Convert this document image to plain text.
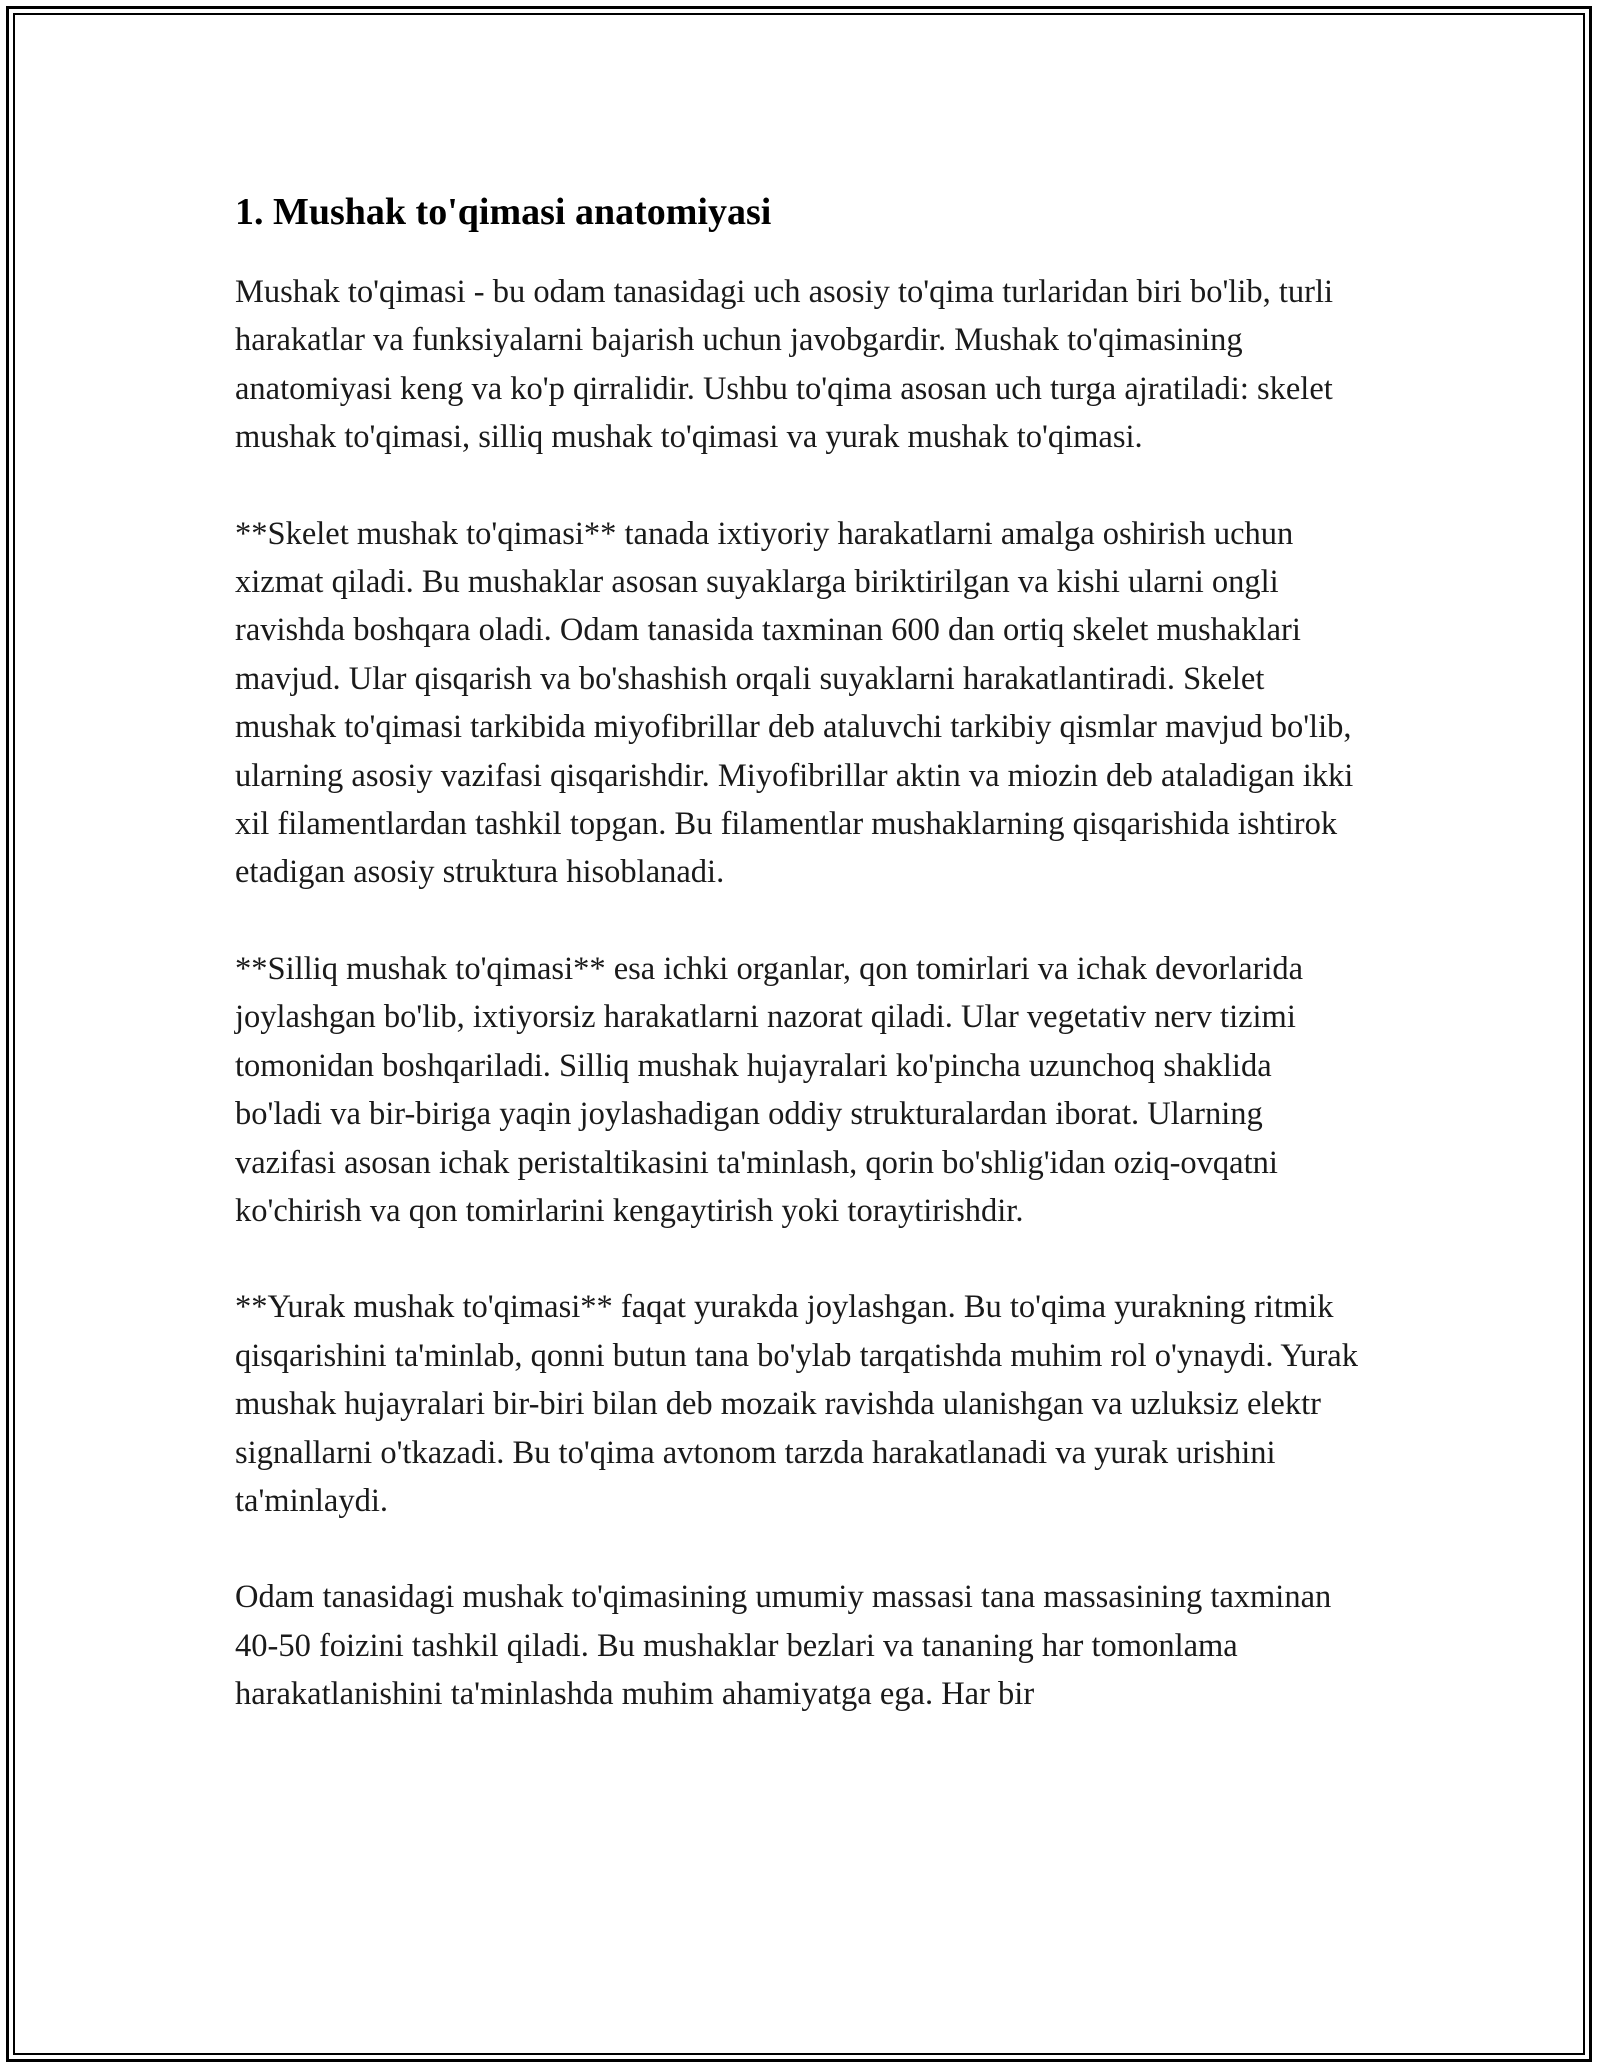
1. Mushak to'qimasi anatomiyasi

Mushak to'qimasi - bu odam tanasidagi uch asosiy to'qima turlaridan biri bo'lib, turli harakatlar va funksiyalarni bajarish uchun javobgardir. Mushak to'qimasining anatomiyasi keng va ko'p qirralidir. Ushbu to'qima asosan uch turga ajratiladi: skelet mushak to'qimasi, silliq mushak to'qimasi va yurak mushak to'qimasi.

**Skelet mushak to'qimasi** tanada ixtiyoriy harakatlarni amalga oshirish uchun xizmat qiladi. Bu mushaklar asosan suyaklarga biriktirilgan va kishi ularni ongli ravishda boshqara oladi. Odam tanasida taxminan 600 dan ortiq skelet mushaklari mavjud. Ular qisqarish va bo'shashish orqali suyaklarni harakatlantiradi. Skelet mushak to'qimasi tarkibida miyofibrillar deb ataluvchi tarkibiy qismlar mavjud bo'lib, ularning asosiy vazifasi qisqarishdir. Miyofibrillar aktin va miozin deb ataladigan ikki xil filamentlardan tashkil topgan. Bu filamentlar mushaklarning qisqarishida ishtirok etadigan asosiy struktura hisoblanadi.

**Silliq mushak to'qimasi** esa ichki organlar, qon tomirlari va ichak devorlarida joylashgan bo'lib, ixtiyorsiz harakatlarni nazorat qiladi. Ular vegetativ nerv tizimi tomonidan boshqariladi. Silliq mushak hujayralari ko'pincha uzunchoq shaklida bo'ladi va bir-biriga yaqin joylashadigan oddiy strukturalardan iborat. Ularning vazifasi asosan ichak peristaltikasini ta'minlash, qorin bo'shlig'idan oziq-ovqatni ko'chirish va qon tomirlarini kengaytirish yoki toraytirishdir.

**Yurak mushak to'qimasi** faqat yurakda joylashgan. Bu to'qima yurakning ritmik qisqarishini ta'minlab, qonni butun tana bo'ylab tarqatishda muhim rol o'ynaydi. Yurak mushak hujayralari bir-biri bilan deb mozaik ravishda ulanishgan va uzluksiz elektr signallarni o'tkazadi. Bu to'qima avtonom tarzda harakatlanadi va yurak urishini ta'minlaydi.

Odam tanasidagi mushak to'qimasining umumiy massasi tana massasining taxminan 40-50 foizini tashkil qiladi. Bu mushaklar bezlari va tananing har tomonlama harakatlanishini ta'minlashda muhim ahamiyatga ega. Har bir
